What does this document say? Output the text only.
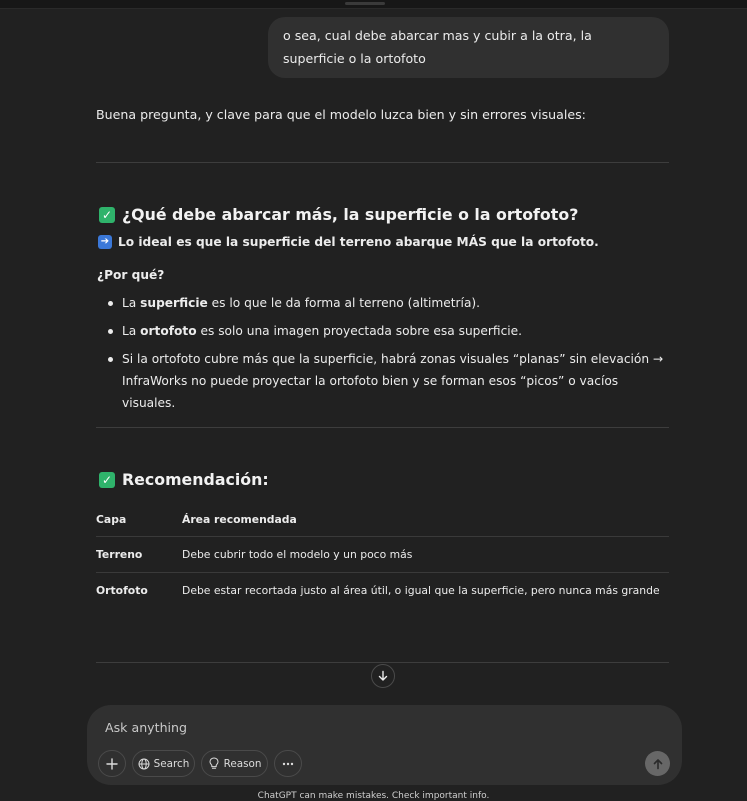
o sea, cual debe abarcar mas y cubir a la otra, la superficie o la ortofoto
Buena pregunta, y clave para que el modelo luzca bien y sin errores visuales:
✓ ¿Qué debe abarcar más, la superficie o la ortofoto?
➔ Lo ideal es que la superficie del terreno abarque MÁS que la ortofoto.
¿Por qué?
La superficie es lo que le da forma al terreno (altimetría).
La ortofoto es solo una imagen proyectada sobre esa superficie.
Si la ortofoto cubre más que la superficie, habrá zonas visuales “planas” sin elevación → InfraWorks no puede proyectar la ortofoto bien y se forman esos “picos” o vacíos visuales.
✓ Recomendación:
Capa	Área recomendada
Terreno	Debe cubrir todo el modelo y un poco más
Ortofoto	Debe estar recortada justo al área útil, o igual que la superficie, pero nunca más grande
Ask anything
Search	Reason
ChatGPT can make mistakes. Check important info.
